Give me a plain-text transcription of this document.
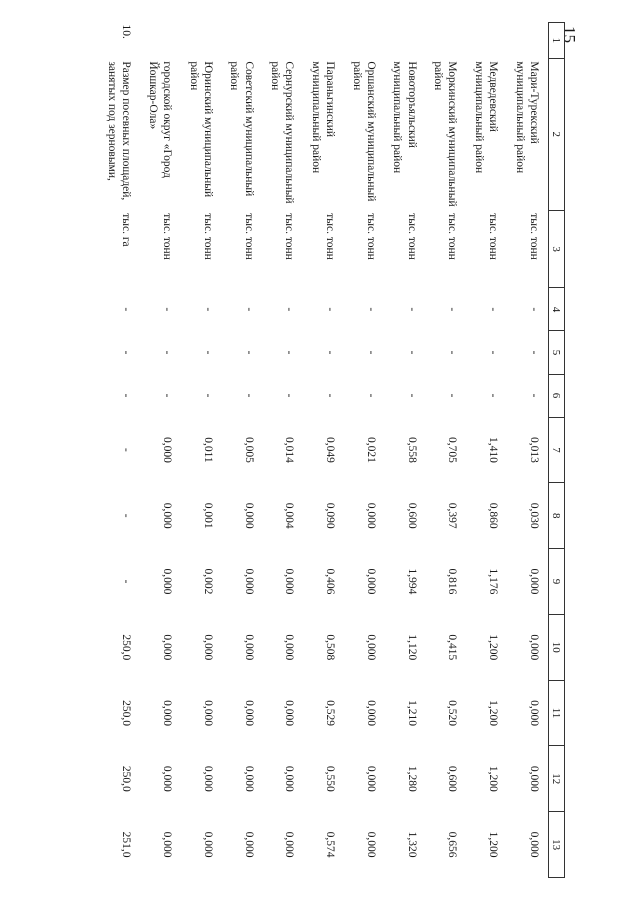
15
1	2	3	4	5	6	7	8	9	10	11	12	13
	Мари-Турекский муниципальный район	тыс. тонн	-	-	-	0,013	0,030	0,000	0,000	0,000	0,000	0,000
	Медведевский муниципальный район	тыс. тонн	-	-	-	1,410	0,860	1,176	1,200	1,200	1,200	1,200
	Моркинский муниципальный район	тыс. тонн	-	-	-	0,705	0,397	0,816	0,415	0,520	0,600	0,656
	Новоторъяльский муниципальный район	тыс. тонн	-	-	-	0,558	0,600	1,994	1,120	1,210	1,280	1,320
	Оршанский муниципальный район	тыс. тонн	-	-	-	0,021	0,000	0,000	0,000	0,000	0,000	0,000
	Параньгинский муниципальный район	тыс. тонн	-	-	-	0,049	0,090	0,406	0,508	0,529	0,550	0,574
	Сернурский муниципальный район	тыс. тонн	-	-	-	0,014	0,004	0,000	0,000	0,000	0,000	0,000
	Советский муниципальный район	тыс. тонн	-	-	-	0,005	0,000	0,000	0,000	0,000	0,000	0,000
	Юринский муниципальный район	тыс. тонн	-	-	-	0,011	0,001	0,002	0,000	0,000	0,000	0,000
	городской округ «Город Йошкар-Ола»	тыс. тонн	-	-	-	0,000	0,000	0,000	0,000	0,000	0,000	0,000
10.	Размер посевных площадей, занятых под зерновыми,	тыс. га	-	-	-	-	-	-	250,0	250,0	250,0	251,0
